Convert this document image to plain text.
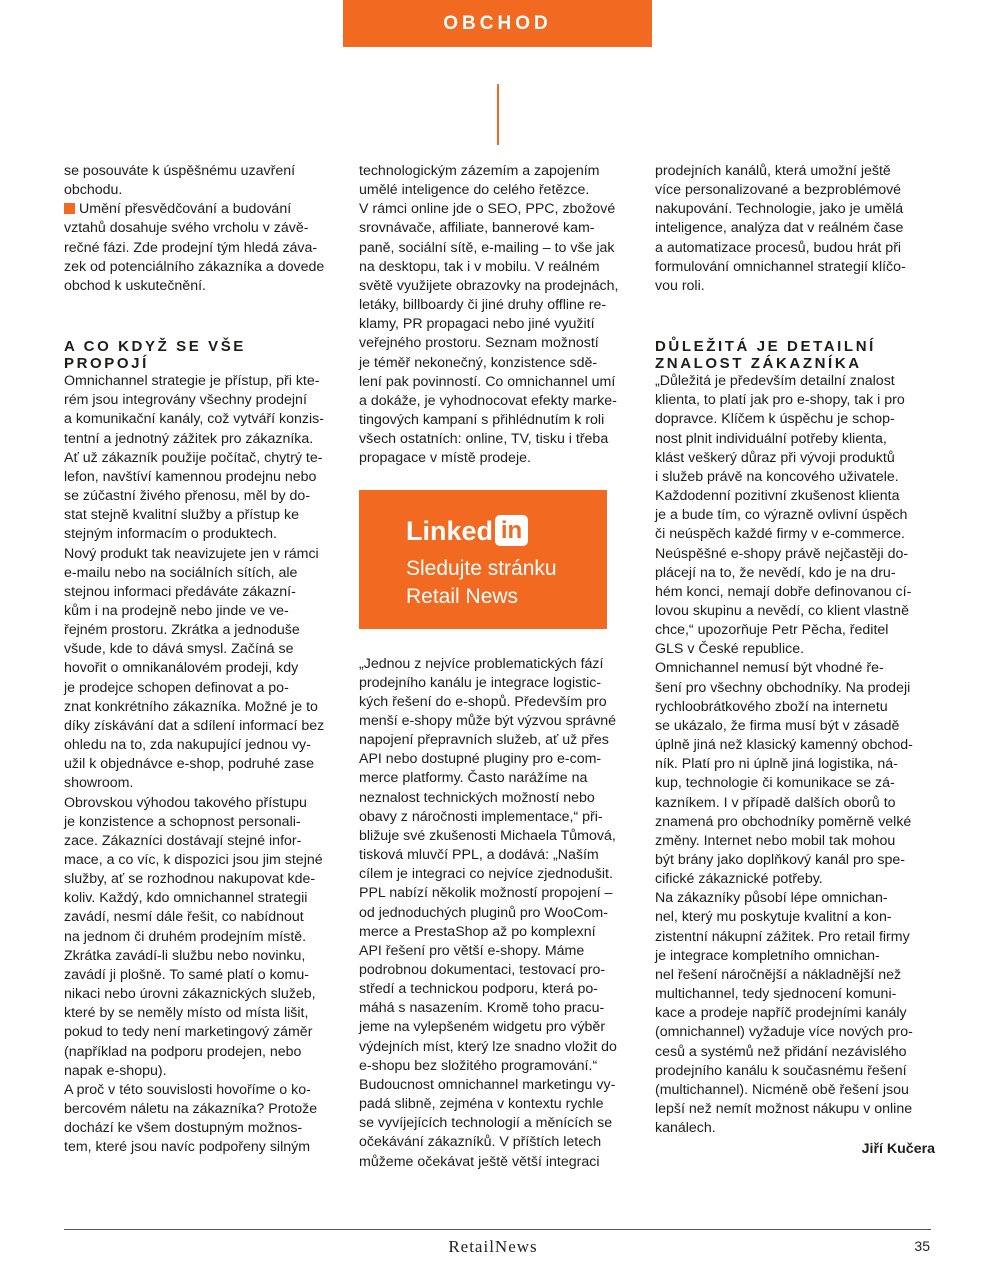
OBCHOD

se posouváte k úspěšnému uzavření
obchodu.

Umění přesvědčování a budování
vztahů dosahuje svého vrcholu v závě-
rečné fázi. Zde prodejní tým hledá záva-
zek od potenciálního zákazníka a dovede
obchod k uskutečnění.

A CO KDYŽ SE VŠE
PROPOJÍ

Omnichannel strategie je přístup, při kte-
rém jsou integrovány všechny prodejní
a komunikační kanály, což vytváří konzis-
tentní a jednotný zážitek pro zákazníka.
Ať už zákazník použije počítač, chytrý te-
lefon, navštíví kamennou prodejnu nebo
se zúčastní živého přenosu, měl by do-
stat stejně kvalitní služby a přístup ke
stejným informacím o produktech.

Nový produkt tak neavizujete jen v rámci
e-mailu nebo na sociálních sítích, ale
stejnou informaci předáváte zákazní-
kům i na prodejně nebo jinde ve ve-
řejném prostoru. Zkrátka a jednoduše
všude, kde to dává smysl. Začíná se
hovořit o omnikanálovém prodeji, kdy
je prodejce schopen definovat a po-
znat konkrétního zákazníka. Možné je to
díky získávání dat a sdílení informací bez
ohledu na to, zda nakupující jednou vy-
užil k objednávce e-shop, podruhé zase
showroom.

Obrovskou výhodou takového přístupu
je konzistence a schopnost personali-
zace. Zákazníci dostávají stejné infor-
mace, a co víc, k dispozici jsou jim stejné
služby, ať se rozhodnou nakupovat kde-
koliv. Každý, kdo omnichannel strategii
zavádí, nesmí dále řešit, co nabídnout
na jednom či druhém prodejním místě.
Zkrátka zavádí-li službu nebo novinku,
zavádí ji plošně. To samé platí o komu-
nikaci nebo úrovni zákaznických služeb,
které by se neměly místo od místa lišit,
pokud to tedy není marketingový záměr
(například na podporu prodejen, nebo
napak e-shopu).

A proč v této souvislosti hovoříme o ko-
bercovém náletu na zákazníka? Protože
dochází ke všem dostupným možnos-
tem, které jsou navíc podpořeny silným

technologickým zázemím a zapojením
umělé inteligence do celého řetězce.

V rámci online jde o SEO, PPC, zbožové
srovnávače, affiliate, bannerové kam-
paně, sociální sítě, e-mailing – to vše jak
na desktopu, tak i v mobilu. V reálném
světě využijete obrazovky na prodejnách,
letáky, billboardy či jiné druhy offline re-
klamy, PR propagaci nebo jiné využití
veřejného prostoru. Seznam možností
je téměř nekonečný, konzistence sdě-
lení pak povinností. Co omnichannel umí
a dokáže, je vyhodnocovat efekty marke-
tingových kampaní s přihlédnutím k roli
všech ostatních: online, TV, tisku i třeba
propagace v místě prodeje.

Linked in
Sledujte stránku
Retail News

„Jednou z nejvíce problematických fází
prodejního kanálu je integrace logistic-
kých řešení do e-shopů. Především pro
menší e-shopy může být výzvou správné
napojení přepravních služeb, ať už přes
API nebo dostupné pluginy pro e-com-
merce platformy. Často narážíme na
neznalost technických možností nebo
obavy z náročnosti implementace,“ při-
bližuje své zkušenosti Michaela Tůmová,
tisková mluvčí PPL, a dodává: „Naším
cílem je integraci co nejvíce zjednodušit.
PPL nabízí několik možností propojení –
od jednoduchých pluginů pro WooCom-
merce a PrestaShop až po komplexní
API řešení pro větší e-shopy. Máme
podrobnou dokumentaci, testovací pro-
středí a technickou podporu, která po-
máhá s nasazením. Kromě toho pracu-
jeme na vylepšeném widgetu pro výběr
výdejních míst, který lze snadno vložit do
e-shopu bez složitého programování.“

Budoucnost omnichannel marketingu vy-
padá slibně, zejména v kontextu rychle
se vyvíjejících technologií a měnících se
očekávání zákazníků. V příštích letech
můžeme očekávat ještě větší integraci

prodejních kanálů, která umožní ještě
více personalizované a bezproblémové
nakupování. Technologie, jako je umělá
inteligence, analýza dat v reálném čase
a automatizace procesů, budou hrát při
formulování omnichannel strategií klíčo-
vou roli.

DŮLEŽITÁ JE DETAILNÍ
ZNALOST ZÁKAZNÍKA

„Důležitá je především detailní znalost
klienta, to platí jak pro e-shopy, tak i pro
dopravce. Klíčem k úspěchu je schop-
nost plnit individuální potřeby klienta,
klást veškerý důraz při vývoji produktů
i služeb právě na koncového uživatele.
Každodenní pozitivní zkušenost klienta
je a bude tím, co výrazně ovlivní úspěch
či neúspěch každé firmy v e-commerce.
Neúspěšné e-shopy právě nejčastěji do-
plácejí na to, že nevědí, kdo je na dru-
hém konci, nemají dobře definovanou cí-
lovou skupinu a nevědí, co klient vlastně
chce,“ upozorňuje Petr Pěcha, ředitel
GLS v České republice.

Omnichannel nemusí být vhodné ře-
šení pro všechny obchodníky. Na prodeji
rychloobrátkového zboží na internetu
se ukázalo, že firma musí být v zásadě
úplně jiná než klasický kamenný obchod-
ník. Platí pro ni úplně jiná logistika, ná-
kup, technologie či komunikace se zá-
kazníkem. I v případě dalších oborů to
znamená pro obchodníky poměrně velké
změny. Internet nebo mobil tak mohou
být brány jako doplňkový kanál pro spe-
cifické zákaznické potřeby.

Na zákazníky působí lépe omnichan-
nel, který mu poskytuje kvalitní a kon-
zistentní nákupní zážitek. Pro retail firmy
je integrace kompletního omnichan-
nel řešení náročnější a nákladnější než
multichannel, tedy sjednocení komuni-
kace a prodeje napříč prodejními kanály
(omnichannel) vyžaduje více nových pro-
cesů a systémů než přidání nezávislého
prodejního kanálu k současnému řešení
(multichannel). Nicméně obě řešení jsou
lepší než nemít možnost nákupu v online
kanálech.

Jiří Kučera
RetailNews	35
